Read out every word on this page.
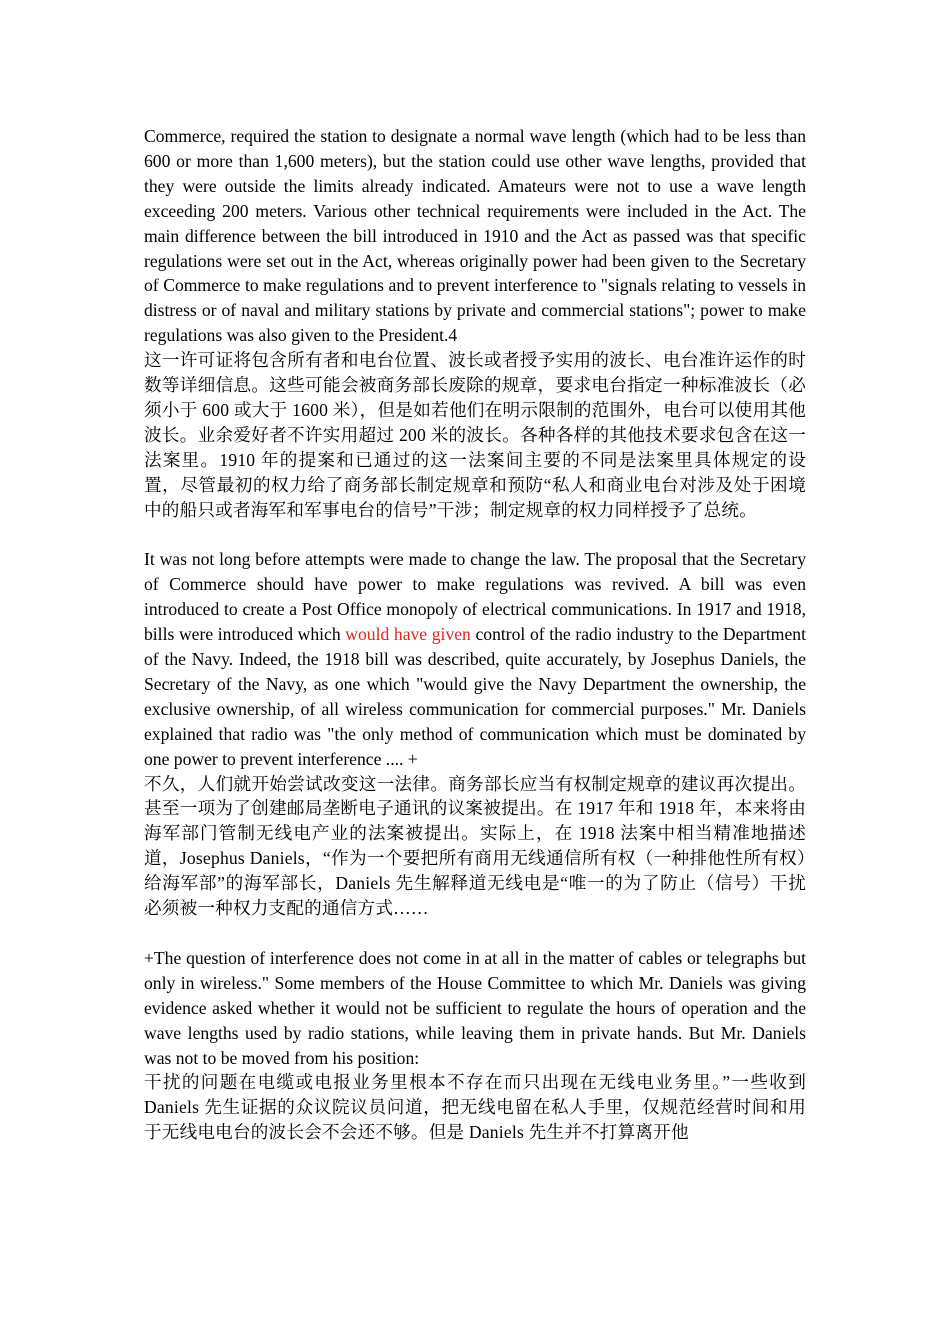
Commerce, required the station to designate a normal wave length (which had to be less than 600 or more than 1,600 meters), but the station could use other wave lengths, provided that they were outside the limits already indicated. Amateurs were not to use a wave length exceeding 200 meters. Various other technical requirements were included in the Act. The main difference between the bill introduced in 1910 and the Act as passed was that specific regulations were set out in the Act, whereas originally power had been given to the Secretary of Commerce to make regulations and to prevent interference to "signals relating to vessels in distress or of naval and military stations by private and commercial stations"; power to make regulations was also given to the President.4

这一许可证将包含所有者和电台位置、波长或者授予实用的波长、电台准许运作的时数等详细信息。这些可能会被商务部长废除的规章，要求电台指定一种标准波长（必须小于 600 或大于 1600 米），但是如若他们在明示限制的范围外，电台可以使用其他波长。业余爱好者不许实用超过 200 米的波长。各种各样的其他技术要求包含在这一法案里。1910 年的提案和已通过的这一法案间主要的不同是法案里具体规定的设置，尽管最初的权力给了商务部长制定规章和预防“私人和商业电台对涉及处于困境中的船只或者海军和军事电台的信号”干涉；制定规章的权力同样授予了总统。

It was not long before attempts were made to change the law. The proposal that the Secretary of Commerce should have power to make regulations was revived. A bill was even introduced to create a Post Office monopoly of electrical communications. In 1917 and 1918, bills were introduced which would have given control of the radio industry to the Department of the Navy. Indeed, the 1918 bill was described, quite accurately, by Josephus Daniels, the Secretary of the Navy, as one which "would give the Navy Department the ownership, the exclusive ownership, of all wireless communication for commercial purposes." Mr. Daniels explained that radio was "the only method of communication which must be dominated by one power to prevent interference .... +

不久，人们就开始尝试改变这一法律。商务部长应当有权制定规章的建议再次提出。甚至一项为了创建邮局垄断电子通讯的议案被提出。在 1917 年和 1918 年，本来将由海军部门管制无线电产业的法案被提出。实际上，在 1918 法案中相当精准地描述道，Josephus Daniels，“作为一个要把所有商用无线通信所有权（一种排他性所有权）给海军部”的海军部长，Daniels 先生解释道无线电是“唯一的为了防止（信号）干扰必须被一种权力支配的通信方式……

+The question of interference does not come in at all in the matter of cables or telegraphs but only in wireless." Some members of the House Committee to which Mr. Daniels was giving evidence asked whether it would not be sufficient to regulate the hours of operation and the wave lengths used by radio stations, while leaving them in private hands. But Mr. Daniels was not to be moved from his position:

干扰的问题在电缆或电报业务里根本不存在而只出现在无线电业务里。”一些收到 Daniels 先生证据的众议院议员问道，把无线电留在私人手里，仅规范经营时间和用于无线电电台的波长会不会还不够。但是 Daniels 先生并不打算离开他
